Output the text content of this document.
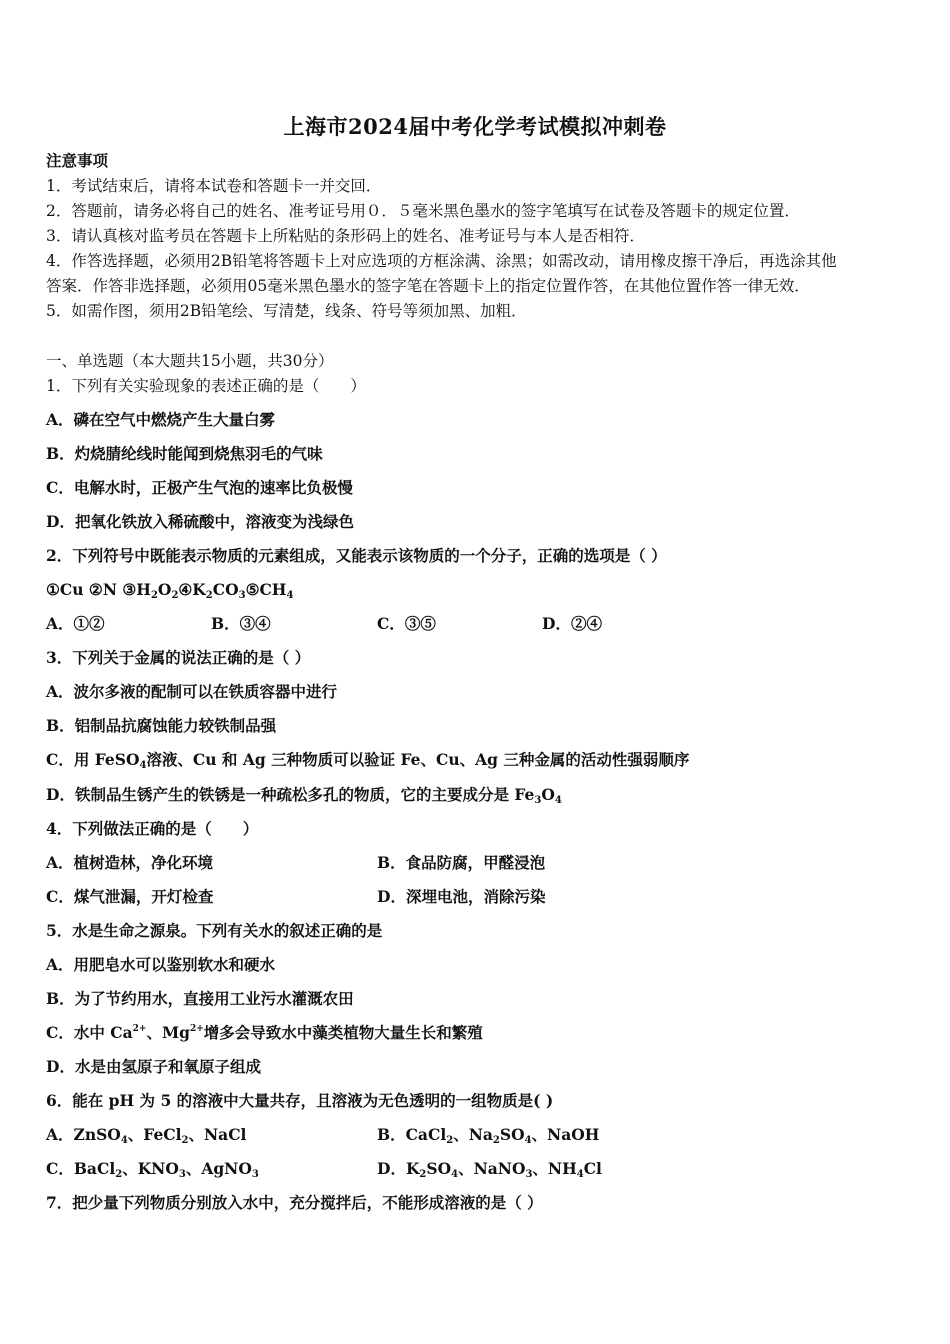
上海市2024届中考化学考试模拟冲刺卷
注意事项
1．考试结束后，请将本试卷和答题卡一并交回．
2．答题前，请务必将自己的姓名、准考证号用０．５毫米黑色墨水的签字笔填写在试卷及答题卡的规定位置．
3．请认真核对监考员在答题卡上所粘贴的条形码上的姓名、准考证号与本人是否相符．
4．作答选择题，必须用2B铅笔将答题卡上对应选项的方框涂满、涂黑；如需改动，请用橡皮擦干净后，再选涂其他
答案．作答非选择题，必须用05毫米黑色墨水的签字笔在答题卡上的指定位置作答，在其他位置作答一律无效．
5．如需作图，须用2B铅笔绘、写清楚，线条、符号等须加黑、加粗．
一、单选题（本大题共15小题，共30分）
1．下列有关实验现象的表述正确的是（　　）
A．磷在空气中燃烧产生大量白雾
B．灼烧腈纶线时能闻到烧焦羽毛的气味
C．电解水时，正极产生气泡的速率比负极慢
D．把氧化铁放入稀硫酸中，溶液变为浅绿色
2．下列符号中既能表示物质的元素组成，又能表示该物质的一个分子，正确的选项是（ ）
①Cu ②N $③H_2O_2④K_2CO_3⑤CH_4$
A．①②	B．③④	C．③⑤	D．②④
3．下列关于金属的说法正确的是（ ）
A．波尔多液的配制可以在铁质容器中进行
B．铝制品抗腐蚀能力较铁制品强
C．用 FeSO$_4$溶液、Cu 和 Ag 三种物质可以验证 Fe、Cu、Ag 三种金属的活动性强弱顺序
D．铁制品生锈产生的铁锈是一种疏松多孔的物质，它的主要成分是 $Fe_3O_4$
4．下列做法正确的是（　　）
A．植树造林，净化环境	B．食品防腐，甲醛浸泡
C．煤气泄漏，开灯检查	D．深埋电池，消除污染
5．水是生命之源泉。下列有关水的叙述正确的是
A．用肥皂水可以鉴别软水和硬水
B．为了节约用水，直接用工业污水灌溉农田
C．水中 $Ca^{2+}$、$Mg^{2+}$增多会导致水中藻类植物大量生长和繁殖
D．水是由氢原子和氧原子组成
6．能在 pH 为 5 的溶液中大量共存，且溶液为无色透明的一组物质是( )
A．ZnSO$_4$、FeCl$_2$、NaCl	B．CaCl$_2$、$Na_2SO_4$、NaOH
C．BaCl$_2$、$KNO_3$、AgNO$_3$	D．$K_2SO_4$、NaNO$_3$、$NH_4Cl$
7．把少量下列物质分别放入水中，充分搅拌后，不能形成溶液的是（ ）
